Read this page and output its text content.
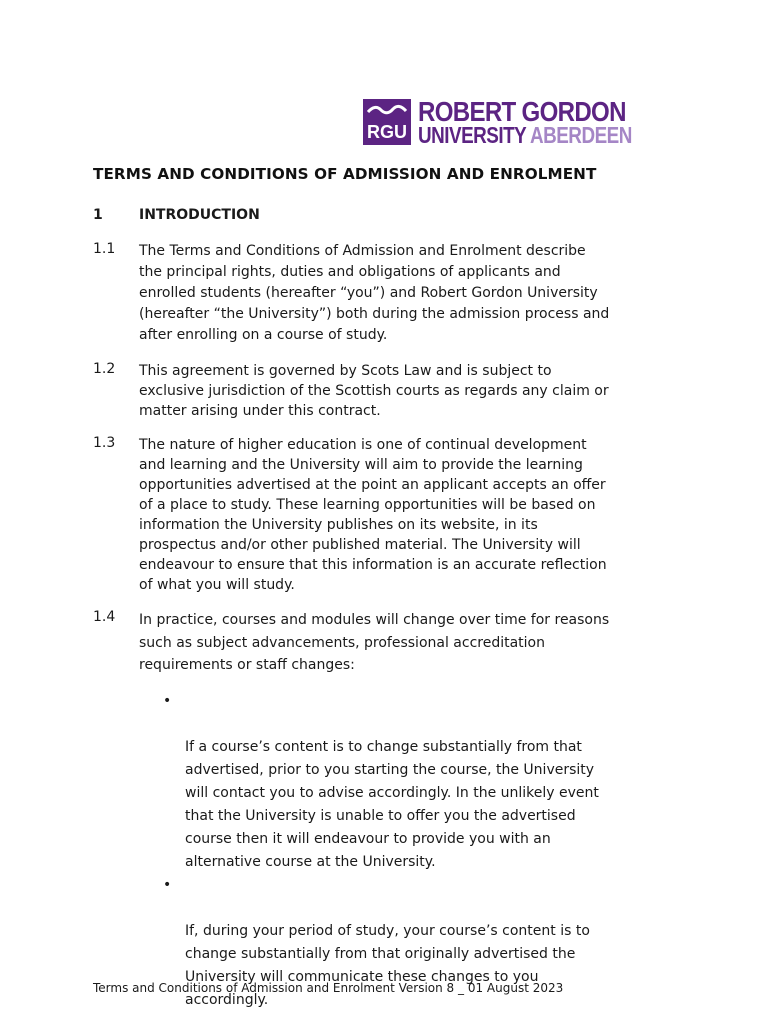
RGU
ROBERT GORDON
UNIVERSITY ABERDEEN
TERMS AND CONDITIONS OF ADMISSION AND ENROLMENT
1	INTRODUCTION
1.1 The Terms and Conditions of Admission and Enrolment describe
the principal rights, duties and obligations of applicants and
enrolled students (hereafter “you”) and Robert Gordon University
(hereafter “the University”) both during the admission process and
after enrolling on a course of study.
1.2 This agreement is governed by Scots Law and is subject to
exclusive jurisdiction of the Scottish courts as regards any claim or
matter arising under this contract.
1.3 The nature of higher education is one of continual development
and learning and the University will aim to provide the learning
opportunities advertised at the point an applicant accepts an offer
of a place to study. These learning opportunities will be based on
information the University publishes on its website, in its
prospectus and/or other published material. The University will
endeavour to ensure that this information is an accurate reflection
of what you will study.
1.4 In practice, courses and modules will change over time for reasons
such as subject advancements, professional accreditation
requirements or staff changes:

•

If a course’s content is to change substantially from that
advertised, prior to you starting the course, the University
will contact you to advise accordingly. In the unlikely event
that the University is unable to offer you the advertised
course then it will endeavour to provide you with an
alternative course at the University.

•

If, during your period of study, your course’s content is to
change substantially from that originally advertised the
University will communicate these changes to you
accordingly.

Terms and Conditions of Admission and Enrolment Version 8 _ 01 August 2023
